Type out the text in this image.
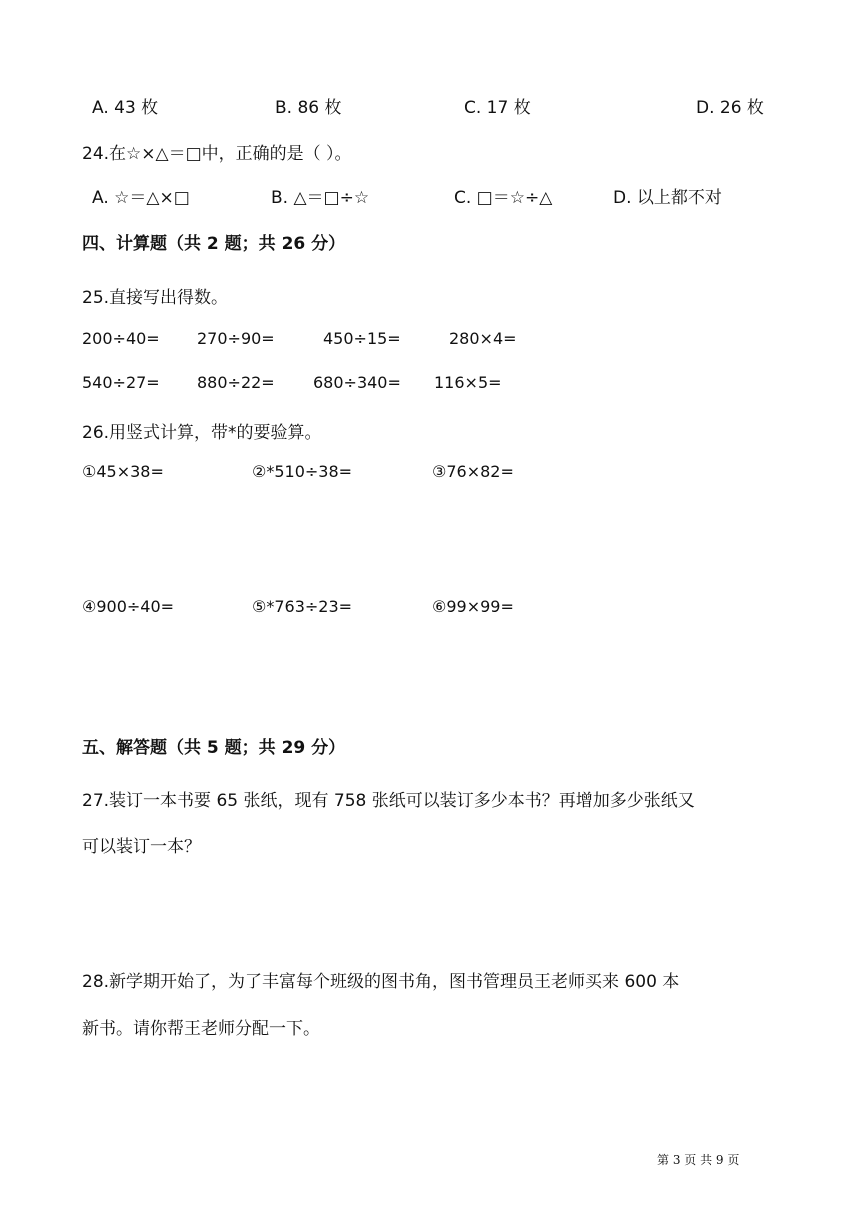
A. 43 枚	B. 86 枚	C. 17 枚	D. 26 枚
24.在☆×△＝□中，正确的是（ ）。
A. ☆＝△×□	B. △＝□÷☆	C. □＝☆÷△	D. 以上都不对
四、计算题（共 2 题；共 26 分）
25.直接写出得数。
200÷40= 270÷90=	450÷15=	280×4=
540÷27= 880÷22= 680÷340= 116×5=
26.用竖式计算，带*的要验算。
①45×38=	②*510÷38=	③76×82=
④900÷40=	⑤*763÷23=	⑥99×99=
五、解答题（共 5 题；共 29 分）
27.装订一本书要 65 张纸，现有 758 张纸可以装订多少本书？再增加多少张纸又
可以装订一本？
28.新学期开始了，为了丰富每个班级的图书角，图书管理员王老师买来 600 本
新书。请你帮王老师分配一下。
第 3 页 共 9 页
